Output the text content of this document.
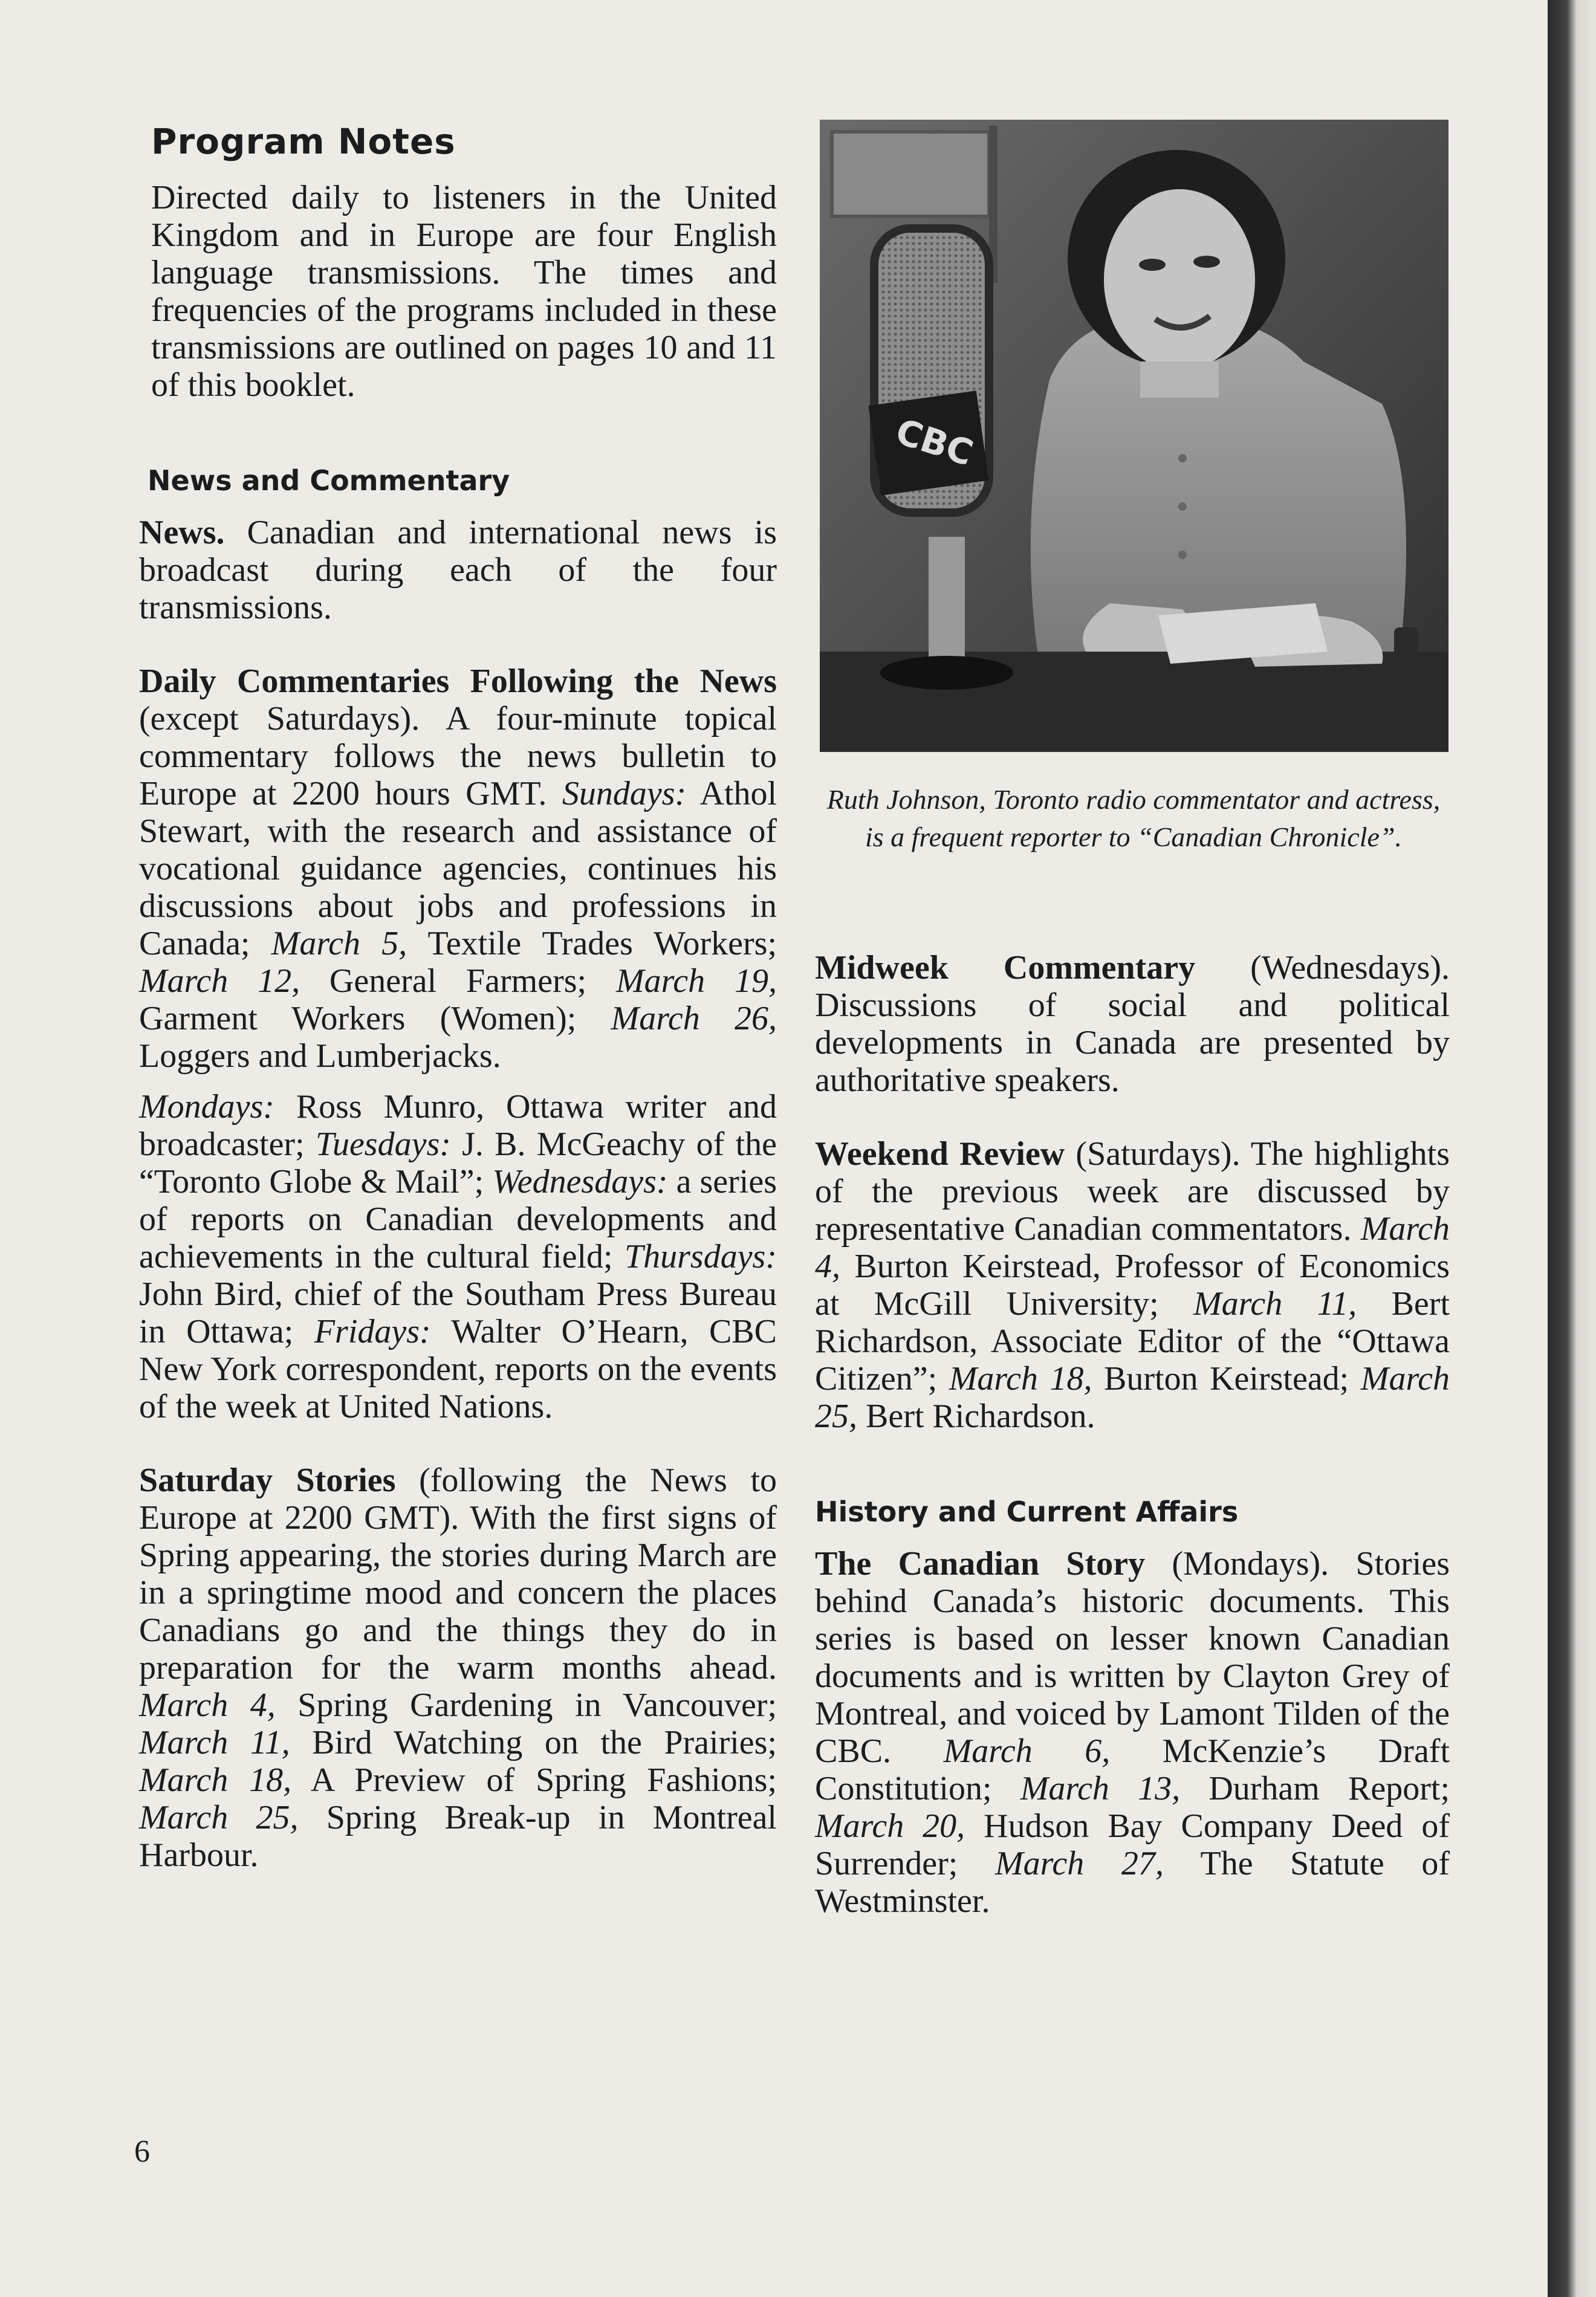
Program Notes

Directed daily to listeners in the United Kingdom and in Europe are four English language transmissions. The times and frequencies of the programs included in these transmissions are outlined on pages 10 and 11 of this booklet.

News and Commentary

News. Canadian and international news is broadcast during each of the four transmissions.

Daily Commentaries Following the News (except Saturdays). A four-minute topical commentary follows the news bulletin to Europe at 2200 hours GMT. Sundays: Athol Stewart, with the research and assistance of vocational guidance agencies, continues his discussions about jobs and professions in Canada; March 5, Textile Trades Workers; March 12, General Farmers; March 19, Garment Workers (Women); March 26, Loggers and Lumberjacks.

Mondays: Ross Munro, Ottawa writer and broadcaster; Tuesdays: J. B. McGeachy of the “Toronto Globe & Mail”; Wednesdays: a series of reports on Canadian developments and achievements in the cultural field; Thursdays: John Bird, chief of the Southam Press Bureau in Ottawa; Fridays: Walter O’Hearn, CBC New York correspondent, reports on the events of the week at United Nations.

Saturday Stories (following the News to Europe at 2200 GMT). With the first signs of Spring appearing, the stories during March are in a springtime mood and concern the places Canadians go and the things they do in preparation for the warm months ahead. March 4, Spring Gardening in Vancouver; March 11, Bird Watching on the Prairies; March 18, A Preview of Spring Fashions; March 25, Spring Break-up in Montreal Harbour.

CBC
Ruth Johnson, Toronto radio commentator and actress, is a frequent reporter to “Canadian Chronicle”.

Midweek Commentary (Wednesdays). Discussions of social and political developments in Canada are presented by authoritative speakers.

Weekend Review (Saturdays). The highlights of the previous week are discussed by representative Canadian commentators. March 4, Burton Keirstead, Professor of Economics at McGill University; March 11, Bert Richardson, Associate Editor of the “Ottawa Citizen”; March 18, Burton Keirstead; March 25, Bert Richardson.

History and Current Affairs

The Canadian Story (Mondays). Stories behind Canada’s historic documents. This series is based on lesser known Canadian documents and is written by Clayton Grey of Montreal, and voiced by Lamont Tilden of the CBC. March 6, McKenzie’s Draft Constitution; March 13, Durham Report; March 20, Hudson Bay Company Deed of Surrender; March 27, The Statute of Westminster.

6
